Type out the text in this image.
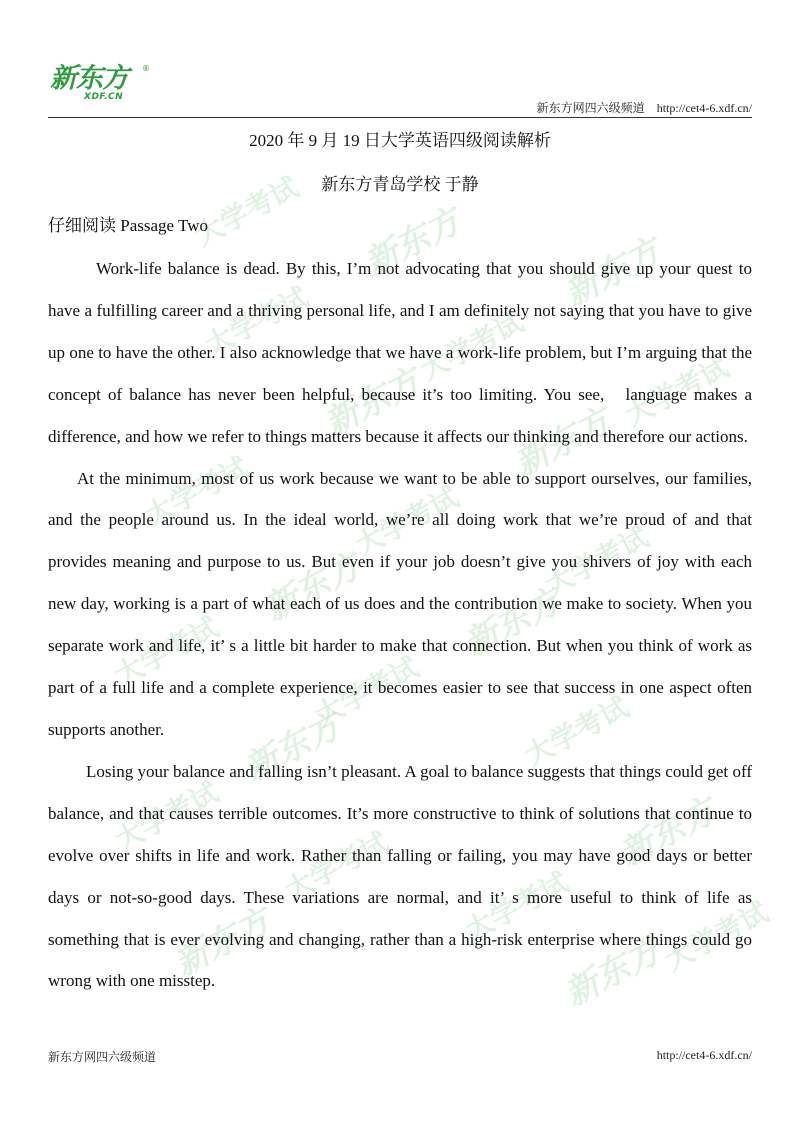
大学考试 新东方	新东方
大学考试	大学考试
新东方 新东方
大学考试
大学考试	大学考试	大学考试
新东方	新东方
大学考试	大学考试	大学考试
新东方
大学考试	新东方
大学考试 大学考试
新东方	新东方
大学考试
新东方 ®
XDF.CN
新东方网四六级频道 http://cet4-6.xdf.cn/
2020 年 9 月 19 日大学英语四级阅读解析
新东方青岛学校 于静
仔细阅读 Passage Two

Work-life balance is dead. By this, I’m not advocating that you should give up your quest to have a fulfilling career and a thriving personal life, and I am definitely not saying that you have to give up one to have the other. I also acknowledge that we have a work-life problem, but I’m arguing that the concept of balance has never been helpful, because it’s too limiting. You see,   language makes a difference, and how we refer to things matters because it affects our thinking and therefore our actions.

At the minimum, most of us work because we want to be able to support ourselves, our families, and the people around us. In the ideal world, we’re all doing work that we’re proud of and that provides meaning and purpose to us. But even if your job doesn’t give you shivers of joy with each new day, working is a part of what each of us does and the contribution we make to society. When you separate work and life, it’ s a little bit harder to make that connection. But when you think of work as part of a full life and a complete experience, it becomes easier to see that success in one aspect often supports another.

Losing your balance and falling isn’t pleasant. A goal to balance suggests that things could get off balance, and that causes terrible outcomes. It’s more constructive to think of solutions that continue to evolve over shifts in life and work. Rather than falling or failing, you may have good days or better days or not-so-good days. These variations are normal, and it’ s more useful to think of life as something that is ever evolving and changing, rather than a high-risk enterprise where things could go wrong with one misstep.

新东方网四六级频道	http://cet4-6.xdf.cn/
